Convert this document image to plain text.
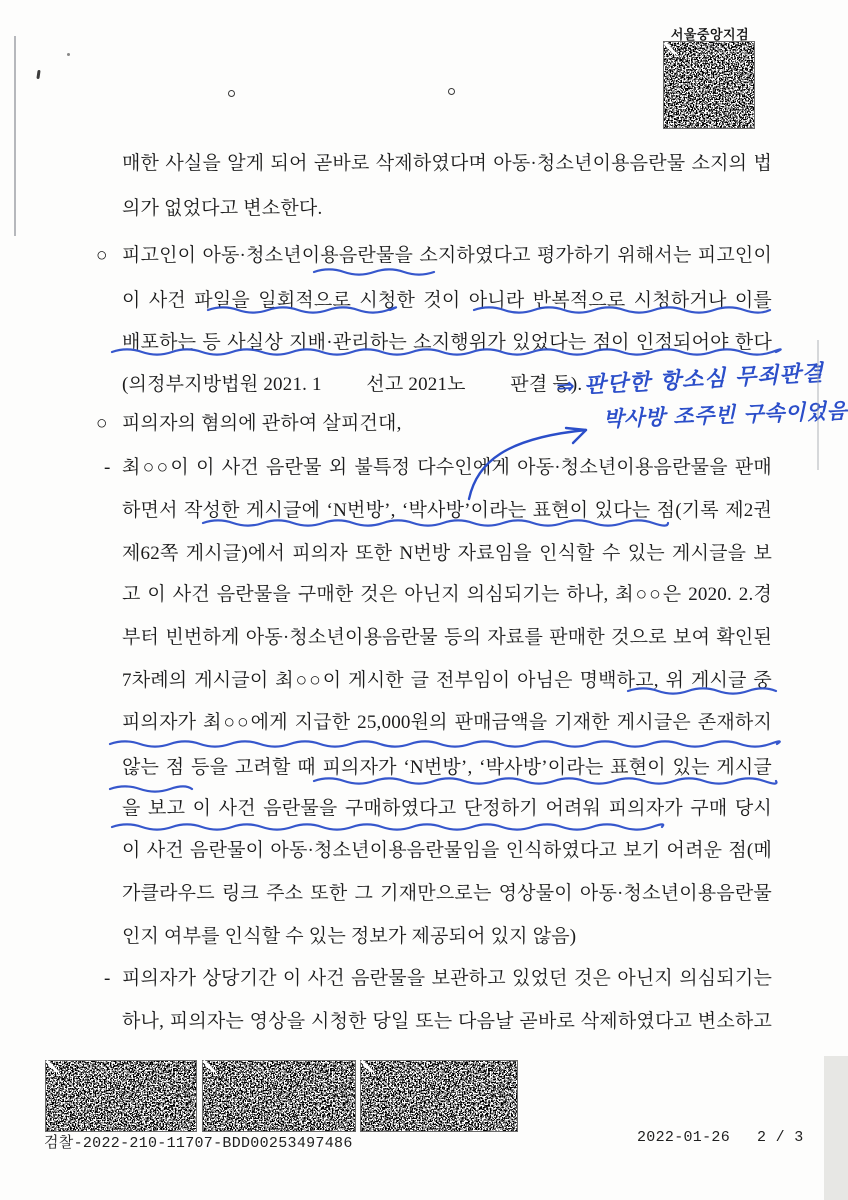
서울중앙지검
매한 사실을 알게 되어 곧바로 삭제하였다며 아동·청소년이용음란물 소지의 법
의가 없었다고 변소한다.
○ 피고인이 아동·청소년이용음란물을 소지하였다고 평가하기 위해서는 피고인이
이 사건 파일을 일회적으로 시청한 것이 아니라 반복적으로 시청하거나 이를
배포하는 등 사실상 지배·관리하는 소지행위가 있었다는 점이 인정되어야 한다
(의정부지방법원 2021. 1         선고 2021노         판결 등).
○ 피의자의 혐의에 관하여 살피건대,
- 최○○이 이 사건 음란물 외 불특정 다수인에게 아동·청소년이용음란물을 판매
하면서 작성한 게시글에 ‘N번방’, ‘박사방’이라는 표현이 있다는 점(기록 제2권
제62쪽 게시글)에서 피의자 또한 N번방 자료임을 인식할 수 있는 게시글을 보
고 이 사건 음란물을 구매한 것은 아닌지 의심되기는 하나, 최○○은 2020. 2.경
부터 빈번하게 아동·청소년이용음란물 등의 자료를 판매한 것으로 보여 확인된
7차례의 게시글이 최○○이 게시한 글 전부임이 아님은 명백하고, 위 게시글 중
피의자가 최○○에게 지급한 25,000원의 판매금액을 기재한 게시글은 존재하지
않는 점 등을 고려할 때 피의자가 ‘N번방’, ‘박사방’이라는 표현이 있는 게시글
을 보고 이 사건 음란물을 구매하였다고 단정하기 어려워 피의자가 구매 당시
이 사건 음란물이 아동·청소년이용음란물임을 인식하였다고 보기 어려운 점(메
가클라우드 링크 주소 또한 그 기재만으로는 영상물이 아동·청소년이용음란물
인지 여부를 인식할 수 있는 정보가 제공되어 있지 않음)
- 피의자가 상당기간 이 사건 음란물을 보관하고 있었던 것은 아닌지 의심되기는
하나, 피의자는 영상을 시청한 당일 또는 다음날 곧바로 삭제하였다고 변소하고
⇒ 판단한 항소심 무죄판결
박사방 조주빈 구속이었음
검찰-2022-210-11707-BDD00253497486	2022-01-26 2 / 3
